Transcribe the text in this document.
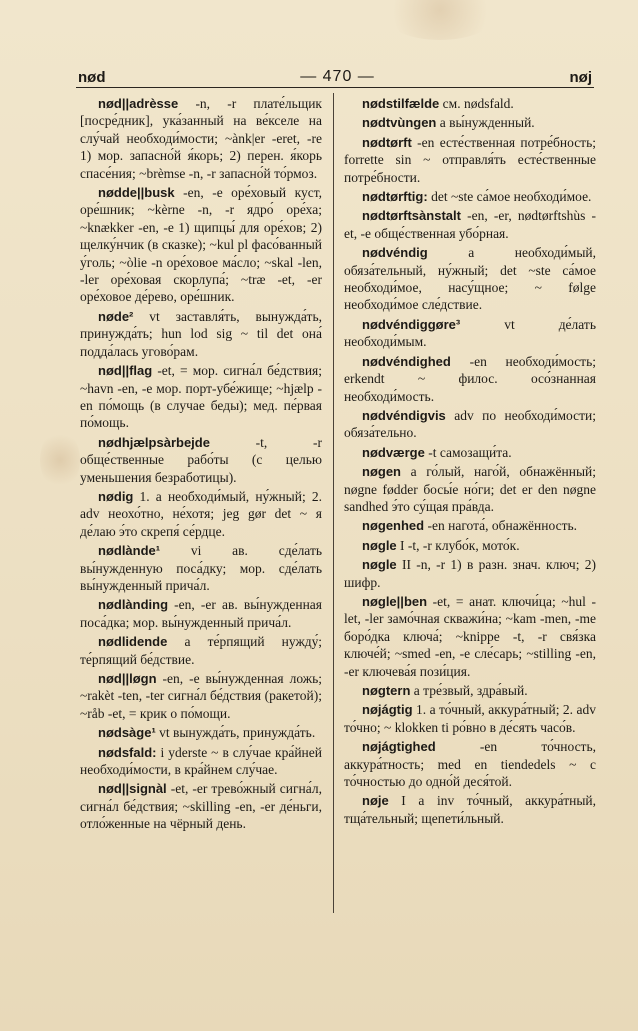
nød	— 470 —	nøj

nød||adrèsse -n, -r плате́льщик [посре́дник], ука́занный на ве́кселе на слу́чай необходи́мости; ~ànk|er -eret, -re 1) мор. запасно́й я́корь; 2) перен. я́корь спасе́ния; ~brèmse -n, -r запасно́й то́рмоз.

nødde||busk -en, -e оре́ховый куст, оре́шник; ~kèrne -n, -r ядро́ оре́ха; ~knækker -en, -e 1) щипцы́ для оре́хов; 2) щелку́нчик (в сказке); ~kul pl фасо́ванный у́голь; ~òlie -n оре́ховое ма́сло; ~skal -len, -ler оре́ховая скорлупа́; ~træ -et, -er оре́ховое де́рево, оре́шник.

nøde² vt заставля́ть, вынужда́ть, принужда́ть; hun lod sig ~ til det она́ подда́лась угово́рам.

nød||flag -et, = мор. сигна́л бе́дствия; ~havn -en, -e мор. порт-убе́жище; ~hjælp -en по́мощь (в случае беды); мед. пе́рвая по́мощь.

nødhjælpsàrbejde -t, -r обще́ственные рабо́ты (с целью уменьшения безработицы).

nødig 1. a необходи́мый, ну́жный; 2. adv неохо́тно, не́хотя; jeg gør det ~ я де́лаю э́то скрепя́ се́рдце.

nødlànde¹ vi ав. сде́лать вы́нужденную поса́дку; мор. сде́лать вы́нужденный прича́л.

nødlànding -en, -er ав. вы́нужденная поса́дка; мор. вы́нужденный прича́л.

nødlidende a те́рпящий нужду́; те́рпящий бе́дствие.

nød||løgn -en, -e вы́нужденная ложь; ~rakèt -ten, -ter сигна́л бе́дствия (ракетой); ~råb -et, = крик о по́мощи.

nødsàge¹ vt вынужда́ть, принужда́ть.

nødsfald: i yderste ~ в слу́чае кра́йней необходи́мости, в кра́йнем слу́чае.

nød||signàl -et, -er трево́жный сигна́л, сигна́л бе́дствия; ~skilling -en, -er де́ньги, отло́женные на чёрный день.

nødstilfælde см. nødsfald.

nødtvùngen a вы́нужденный.

nødtørft -en есте́ственная потре́бность; forrette sin ~ отправля́ть есте́ственные потре́бности.

nødtørftig: det ~ste са́мое необходи́мое.

nødtørftsànstalt -en, -er, nødtørftshùs -et, -e обще́ственная убо́рная.

nødvéndig a необходи́мый, обяза́тельный, ну́жный; det ~ste са́мое необходи́мое, насу́щное; ~ følge необходи́мое сле́дствие.

nødvéndiggøre³ vt де́лать необходи́мым.

nødvéndighed -en необходи́мость; erkendt ~ филос. осо́знанная необходи́мость.

nødvéndigvis adv по необходи́мости; обяза́тельно.

nødværge -t самозащи́та.

nøgen a го́лый, наго́й, обнажённый; nøgne fødder босы́е но́ги; det er den nøgne sandhed э́то су́щая пра́вда.

nøgenhed -en нагота́, обнажённость.

nøgle I -t, -r клубо́к, мото́к.

nøgle II -n, -r 1) в разн. знач. ключ; 2) шифр.

nøgle||ben -et, = анат. ключи́ца; ~hul -let, -ler замо́чная скважи́на; ~kam -men, -me боро́дка ключа́; ~knippe -t, -r свя́зка ключе́й; ~smed -en, -e сле́сарь; ~stilling -en, -er ключева́я пози́ция.

nøgtern a тре́звый, здра́вый.

nøjágtig 1. a то́чный, аккура́тный; 2. adv то́чно; ~ klokken ti ро́вно в де́сять часо́в.

nøjágtighed -en то́чность, аккура́тность; med en tiendedels ~ с то́чностью до одно́й деся́той.

nøje I a inv то́чный, аккура́тный, тща́тельный; щепети́льный.
